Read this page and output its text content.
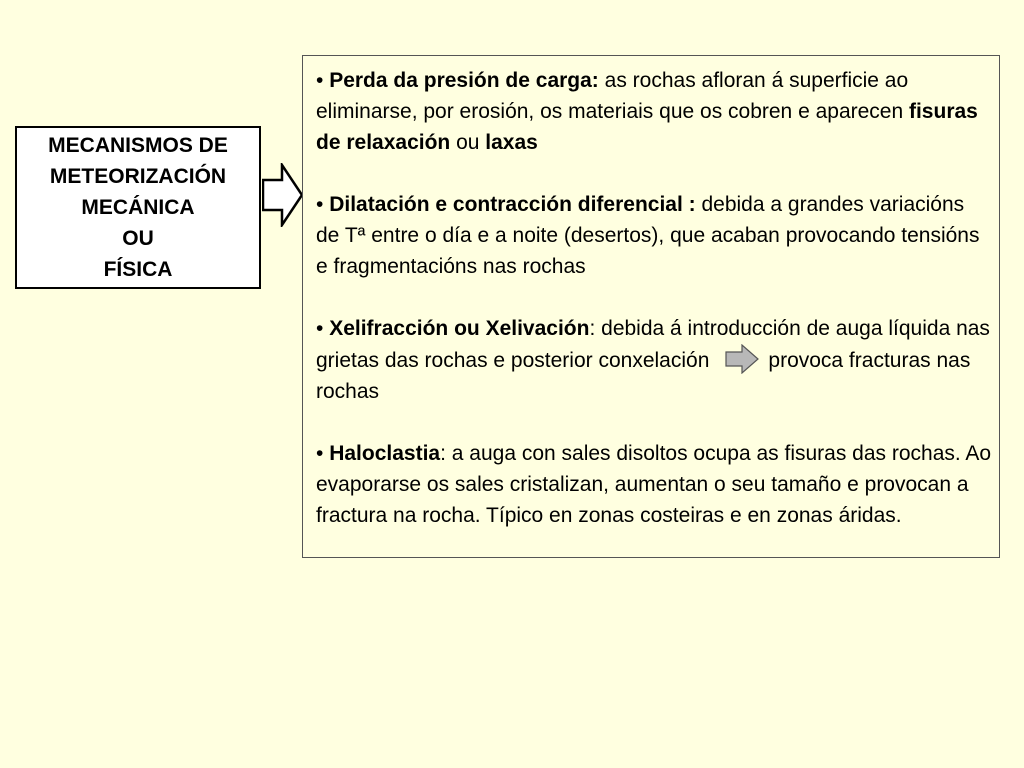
MECANISMOS DE
METEORIZACIÓN
MECÁNICA
OU
FÍSICA
• Perda da presión de carga: as rochas afloran á superficie ao eliminarse, por erosión, os materiais que os cobren e aparecen fisuras de relaxación ou laxas
• Dilatación e contracción diferencial : debida a grandes variacións de Tª entre o día e a noite (desertos), que acaban provocando tensións e fragmentacións nas rochas
• Xelifracción ou Xelivación: debida á introducción de auga líquida nas grietas das rochas e posterior conxelación	provoca fracturas nas rochas
• Haloclastia: a auga con sales disoltos ocupa as fisuras das rochas. Ao evaporarse os sales cristalizan, aumentan o seu tamaño e provocan a fractura na rocha. Típico en zonas costeiras e en zonas áridas.
